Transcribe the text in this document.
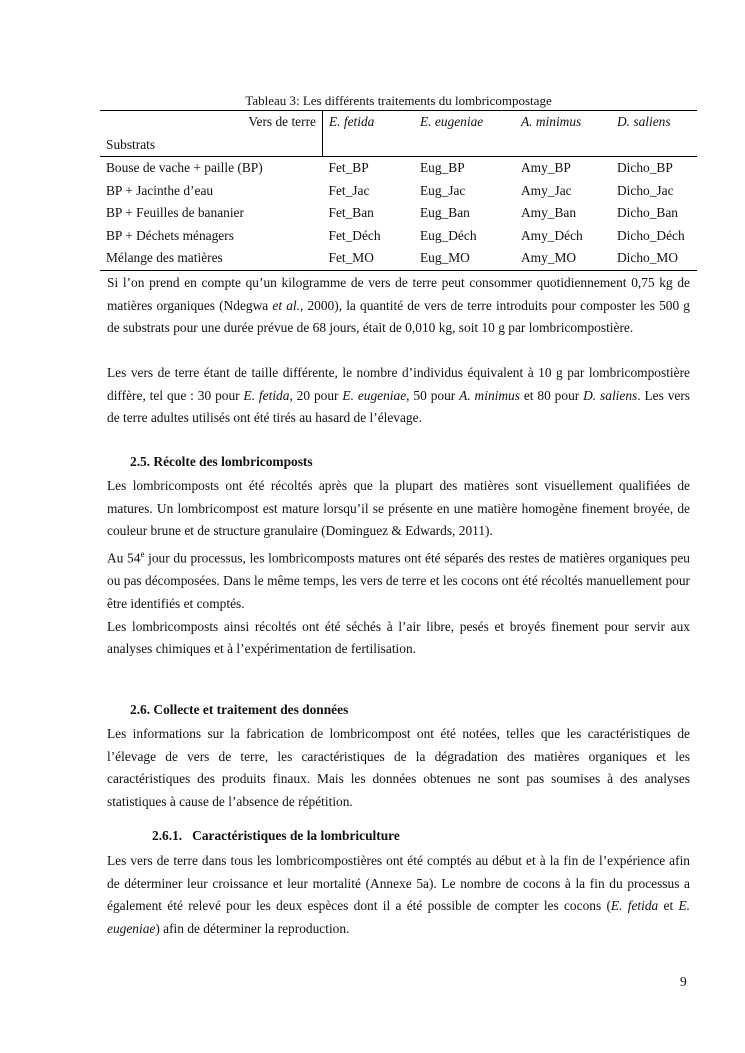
Tableau 3: Les différents traitements du lombricompostage
Vers de terre	E. fetida	E. eugeniae	A. minimus	D. saliens
Substrats				
Bouse de vache + paille (BP)	Fet_BP	Eug_BP	Amy_BP	Dicho_BP
BP + Jacinthe d’eau	Fet_Jac	Eug_Jac	Amy_Jac	Dicho_Jac
BP + Feuilles de bananier	Fet_Ban	Eug_Ban	Amy_Ban	Dicho_Ban
BP + Déchets ménagers	Fet_Déch	Eug_Déch	Amy_Déch	Dicho_Déch
Mélange des matières	Fet_MO	Eug_MO	Amy_MO	Dicho_MO
Si l’on prend en compte qu’un kilogramme de vers de terre peut consommer quotidiennement 0,75 kg de matières organiques (Ndegwa et al., 2000), la quantité de vers de terre introduits pour composter les 500 g de substrats pour une durée prévue de 68 jours, était de 0,010 kg, soit 10 g par lombricompostière.
Les vers de terre étant de taille différente, le nombre d’individus équivalent à 10 g par lombricompostière diffère, tel que : 30 pour E. fetida, 20 pour E. eugeniae, 50 pour A. minimus et 80 pour D. saliens. Les vers de terre adultes utilisés ont été tirés au hasard de l’élevage.
2.5. Récolte des lombricomposts
Les lombricomposts ont été récoltés après que la plupart des matières sont visuellement qualifiées de matures. Un lombricompost est mature lorsqu’il se présente en une matière homogène finement broyée, de couleur brune et de structure granulaire (Dominguez & Edwards, 2011).
Au 54e jour du processus, les lombricomposts matures ont été séparés des restes de matières organiques peu ou pas décomposées. Dans le même temps, les vers de terre et les cocons ont été récoltés manuellement pour être identifiés et comptés.
Les lombricomposts ainsi récoltés ont été séchés à l’air libre, pesés et broyés finement pour servir aux analyses chimiques et à l’expérimentation de fertilisation.
2.6. Collecte et traitement des données
Les informations sur la fabrication de lombricompost ont été notées, telles que les caractéristiques de l’élevage de vers de terre, les caractéristiques de la dégradation des matières organiques et les caractéristiques des produits finaux. Mais les données obtenues ne sont pas soumises à des analyses statistiques à cause de l’absence de répétition.
2.6.1.   Caractéristiques de la lombriculture
Les vers de terre dans tous les lombricompostières ont été comptés au début et à la fin de l’expérience afin de déterminer leur croissance et leur mortalité (Annexe 5a). Le nombre de cocons à la fin du processus a également été relevé pour les deux espèces dont il a été possible de compter les cocons (E. fetida et E. eugeniae) afin de déterminer la reproduction.
9
